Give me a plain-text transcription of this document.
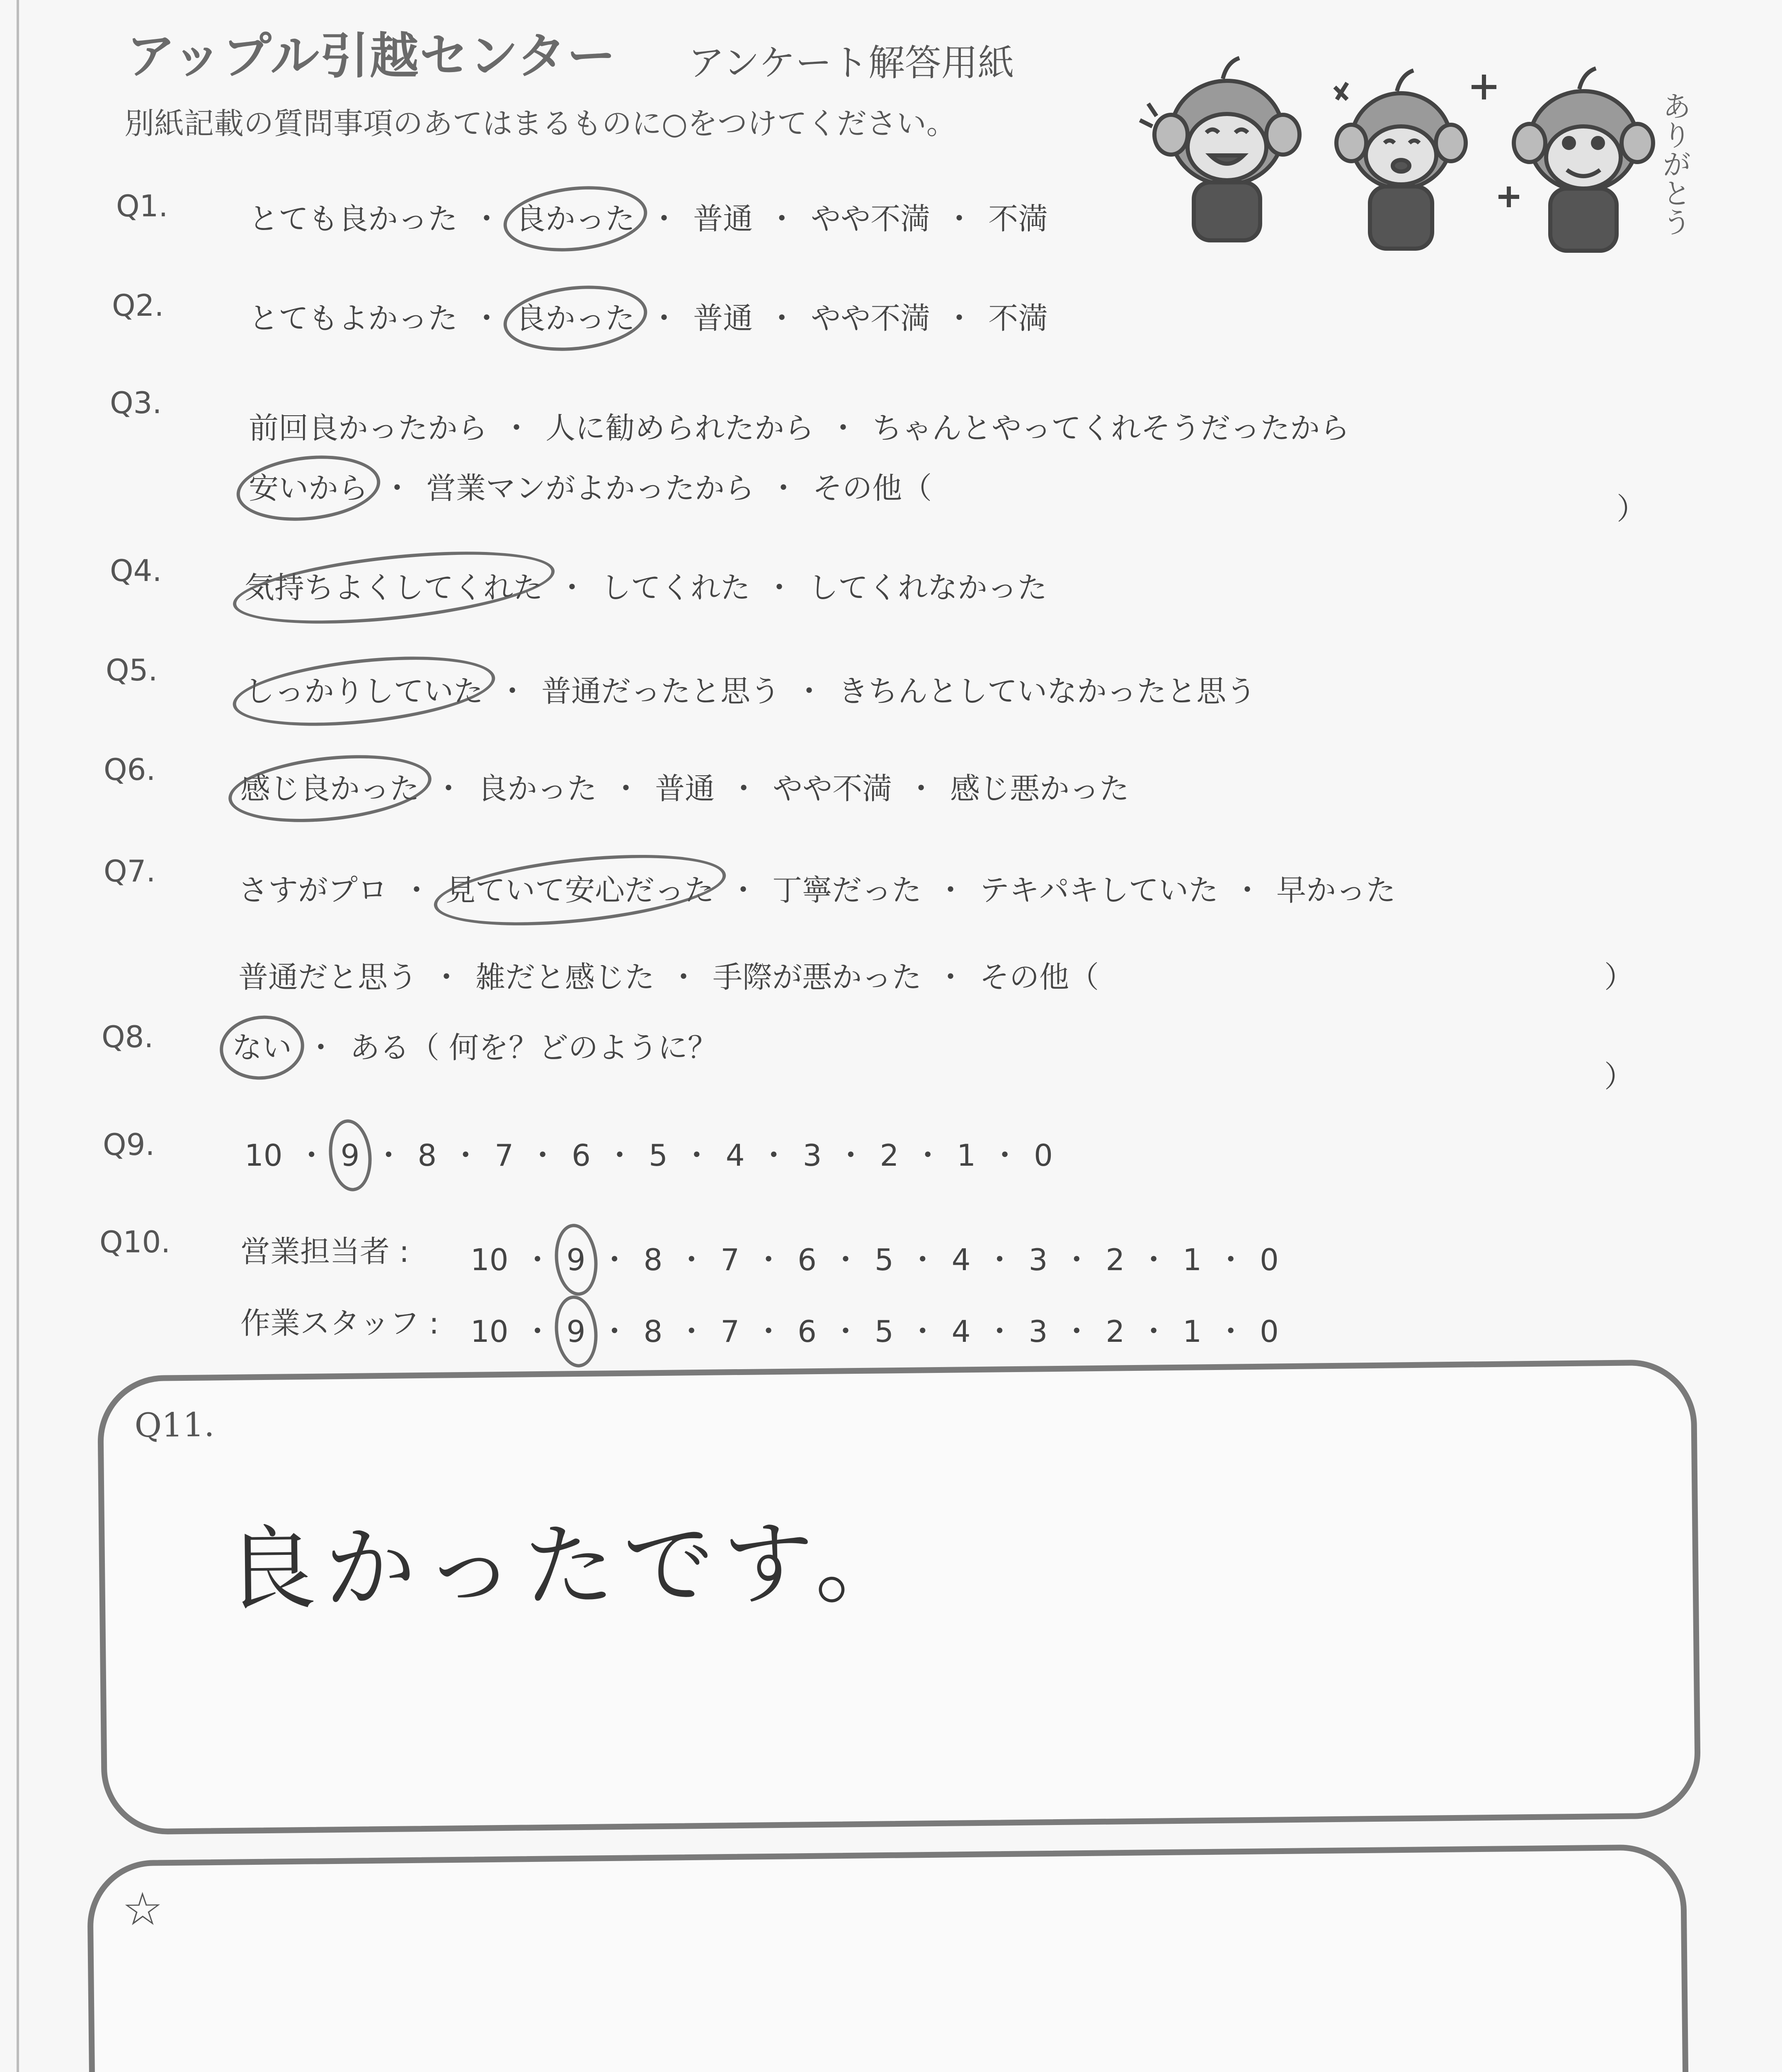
アップル引越センター アンケート解答用紙
別紙記載の質問事項のあてはまるものに○をつけてください。	ありがとう
Q1.	とても良かった ・ 良かった ・ 普通 ・ やや不満 ・ 不満
Q2.	とてもよかった ・ 良かった ・ 普通 ・ やや不満 ・ 不満
Q3.
前回良かったから ・ 人に勧められたから ・ ちゃんとやってくれそうだったから
安いから ・ 営業マンがよかったから ・ その他（
）
Q4.	気持ちよくしてくれた ・ してくれた ・ してくれなかった
Q5.
しっかりしていた ・ 普通だったと思う ・ きちんとしていなかったと思う
Q6.
感じ良かった ・ 良かった ・ 普通 ・ やや不満 ・ 感じ悪かった
Q7.
さすがプロ ・ 見ていて安心だった ・ 丁寧だった ・ テキパキしていた ・ 早かった
普通だと思う ・ 雑だと感じた ・ 手際が悪かった ・ その他（	）
Q8.	ない ・ ある（ 何を？どのように？
）
Q9.	10 ・ 9 ・ 8 ・ 7 ・ 6 ・ 5 ・ 4 ・ 3 ・ 2 ・ 1 ・ 0
Q10. 営業担当者 : 10 ・ 9 ・ 8 ・ 7 ・ 6 ・ 5 ・ 4 ・ 3 ・ 2 ・ 1 ・ 0
作業スタッフ : 10 ・ 9 ・ 8 ・ 7 ・ 6 ・ 5 ・ 4 ・ 3 ・ 2 ・ 1 ・ 0
Q11.
良かったです。
☆
